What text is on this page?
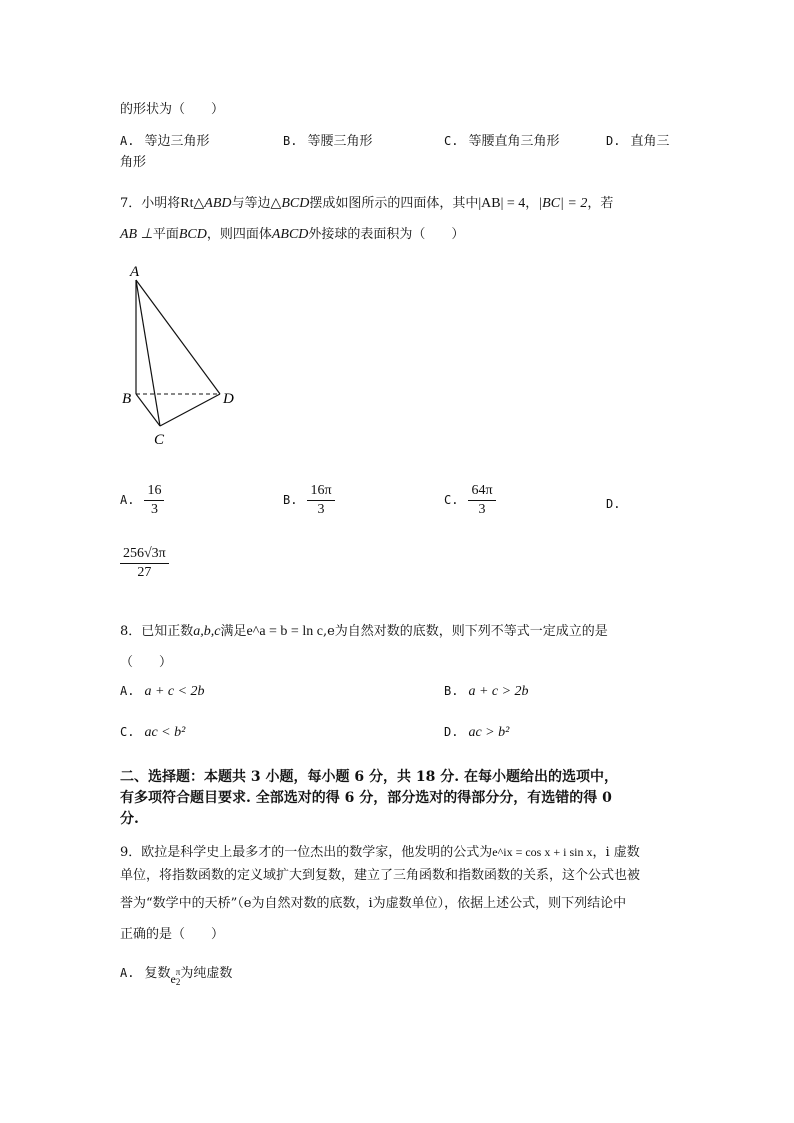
的形状为（　　）
A. 等边三角形	B. 等腰三角形	C. 等腰直角三角形	D. 直角三
角形
7．小明将Rt△ABD与等边△BCD摆成如图所示的四面体，其中|AB| = 4，|BC| = 2，若
AB ⊥平面BCD，则四面体ABCD外接球的表面积为（　　）
A
B
C
D
A. $\frac{16}{3}$	B. $\frac{16\pi}{3}$	C. $\frac{64\pi}{3}$	D.
$\frac{256√3\pi}{27}$
8．已知正数a,b,c满足e^a = b = ln c,e为自然对数的底数，则下列不等式一定成立的是
（　　）
A. a + c < 2b	B. a + c > 2b
C. ac < b²	D. ac > b²
二、选择题：本题共 3 小题，每小题 6 分，共 18 分. 在每小题给出的选项中，
有多项符合题目要求. 全部选对的得 6 分，部分选对的得部分分，有选错的得 0
分.
9．欧拉是科学史上最多才的一位杰出的数学家，他发明的公式为e^ix = cos x + i sin x，i 虚数
单位，将指数函数的定义域扩大到复数，建立了三角函数和指数函数的关系，这个公式也被
誉为“数学中的天桥”（e为自然对数的底数，i为虚数单位），依据上述公式，则下列结论中
正确的是（　　）
A. 复数e π
2
为纯虚数
